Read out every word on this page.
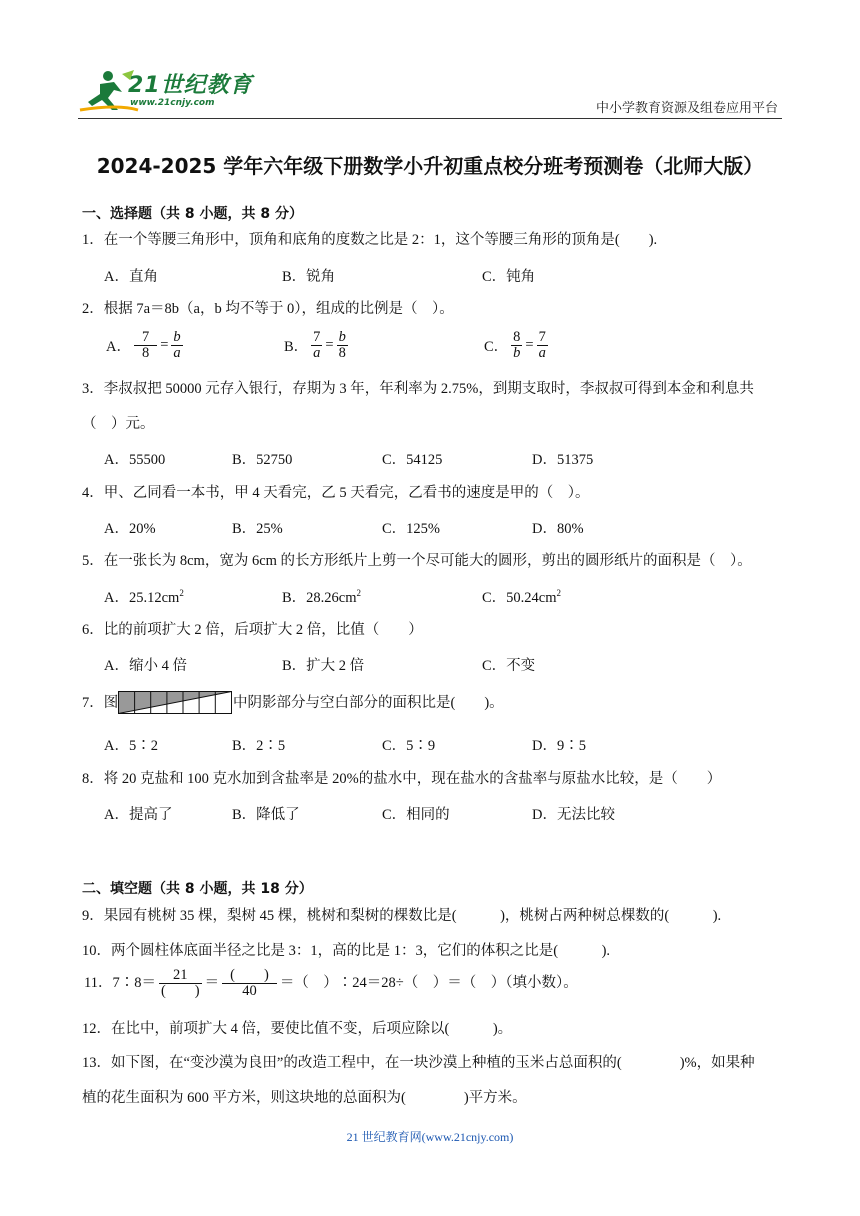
21世纪教育
www.21cnjy.com	中小学教育资源及组卷应用平台
2024-2025 学年六年级下册数学小升初重点校分班考预测卷（北师大版）
一、选择题（共 8 小题，共 8 分）
1．在一个等腰三角形中，顶角和底角的度数之比是 2：1，这个等腰三角形的顶角是(　　).
A．直角	B．锐角	C．钝角
2．根据 7a＝8b（a，b 均不等于 0），组成的比例是（　）。
A． $\frac{7}{8} = \frac{b}{a}$	B． $\frac{7}{a} = \frac{b}{8}$	C． $\frac{8}{b} = \frac{7}{a}$
3．李叔叔把 50000 元存入银行，存期为 3 年，年利率为 2.75%，到期支取时，李叔叔可得到本金和利息共
（　）元。
A．55500	B．52750	C．54125	D．51375
4．甲、乙同看一本书，甲 4 天看完，乙 5 天看完，乙看书的速度是甲的（　）。
A．20%	B．25%	C．125%	D．80%
5．在一张长为 8cm，宽为 6cm 的长方形纸片上剪一个尽可能大的圆形，剪出的圆形纸片的面积是（　）。
A．$25.12cm^2$	B．$28.26cm^2$	C．$50.24cm^2$
6．比的前项扩大 2 倍，后项扩大 2 倍，比值（　　）
A．缩小 4 倍	B．扩大 2 倍	C．不变
7．图	中阴影部分与空白部分的面积比是(　　)。
A．5∶2	B．2∶5	C．5∶9	D．9∶5
8．将 20 克盐和 100 克水加到含盐率是 20%的盐水中，现在盐水的含盐率与原盐水比较，是（　　）
A．提高了	B．降低了	C．相同的	D．无法比较
二、填空题（共 8 小题，共 18 分）
9．果园有桃树 35 棵，梨树 45 棵，桃树和梨树的棵数比是(　　　)，桃树占两种树总棵数的(　　　).
10．两个圆柱体底面半径之比是 3：1，高的比是 1：3，它们的体积之比是(　　　).
11．7∶8＝ $\frac{21}{( )} = \frac{( )}{40}$ ＝（　）∶24＝28÷（　）＝（　）（填小数）。
12．在比中，前项扩大 4 倍，要使比值不变，后项应除以(　　　)。
13．如下图，在“变沙漠为良田”的改造工程中，在一块沙漠上种植的玉米占总面积的(　　　　)%，如果种
植的花生面积为 600 平方米，则这块地的总面积为(　　　　)平方米。
21 世纪教育网(www.21cnjy.com)
